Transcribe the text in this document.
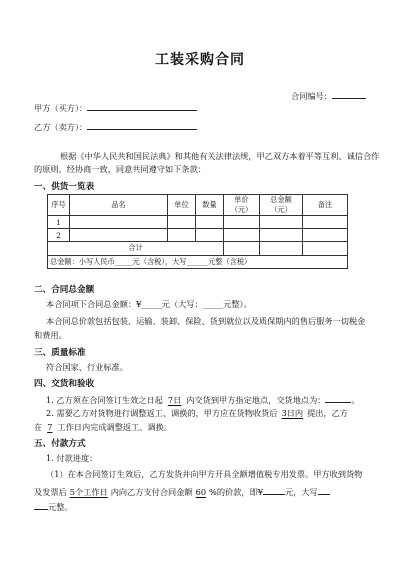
工装采购合同
合同编号：
甲方（买方）：
乙方（卖方）：
根据《中华人民共和国民法典》和其他有关法律法规，甲乙双方本着平等互利、诚信合作
的原则，经协商一致，同意共同遵守如下条款：
一、供货一览表
序号	品名	单位	数量	单价（元）	总金额（元）	备注
1						
2						
合计						
总金额：小写人民币_____元（含税），大写______元整（含税）						
二、合同总金额
本合同项下合同总金额：¥_____元（大写：_____元整）。
本合同总价款包括包装、运输、装卸、保险、货到就位以及质保期内的售后服务一切税金
和费用。
三、质量标准
符合国家、行业标准。
四、交货和验收
1. 乙方须在合同签订生效之日起 7日 内交货到甲方指定地点，交货地点为：	。
2. 需要乙方对货物进行调整返工、调换的，甲方应在货物收货后 3日内 提出，乙方
在 7 工作日内完成调整返工、调换。
五、付款方式
1. 付款进度：
（1）在本合同签订生效后，乙方发货并向甲方开具全额增值税专用发票。甲方收到货物
及发票后 5个工作日 内向乙方支付合同金额 60 %的价款，即¥	元，大写
元整。
